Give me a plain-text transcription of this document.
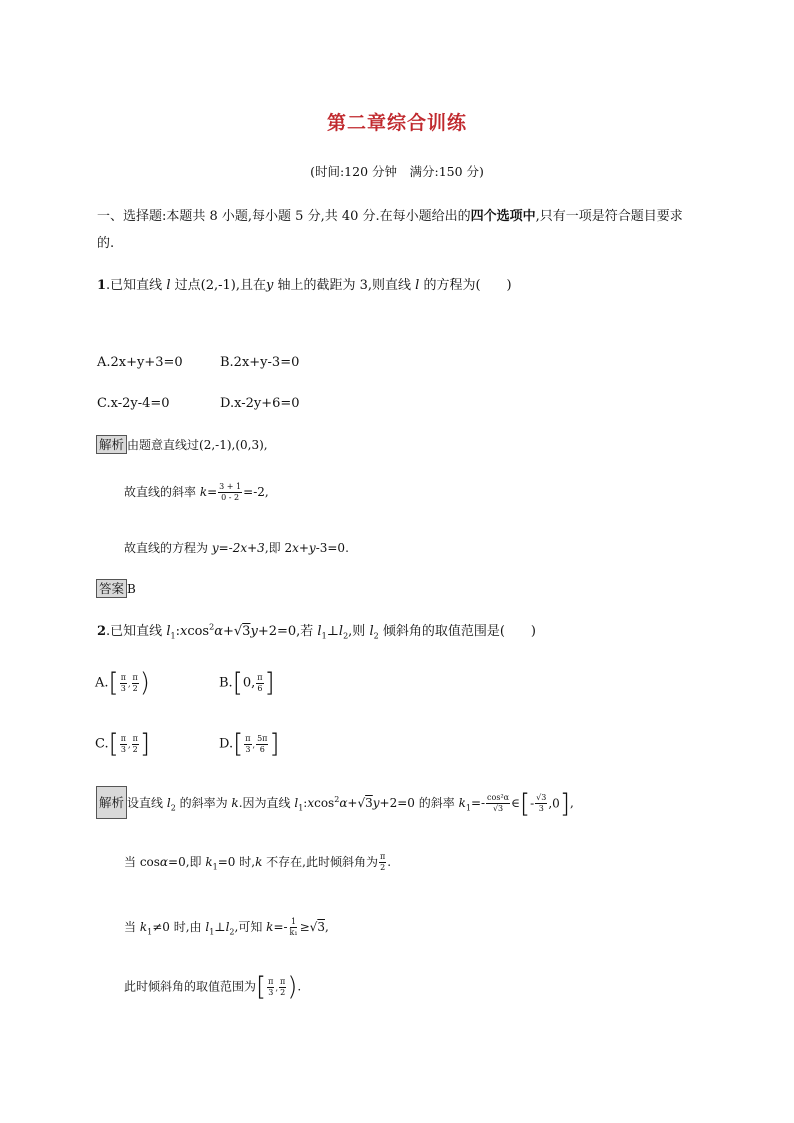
第二章综合训练
(时间:120 分钟　满分:150 分)
一、选择题:本题共 8 小题,每小题 5 分,共 40 分.在每小题给出的四个选项中,只有一项是符合题目要求的.
1.已知直线 l 过点(2,-1),且在y 轴上的截距为 3,则直线 l 的方程为(　　)
A.2x+y+3=0	B.2x+y-3=0
C.x-2y-4=0	D.x-2y+6=0
解析 由题意直线过(2,-1),(0,3),
故直线的斜率 $k= \frac{3 + 1}{0 - 2} =-2$,
故直线的方程为 y=-2x+3,即 2x+y-3=0.
答案 B
2.已知直线 $l_1:xcos^2\alpha+√3y+2=0$,若 $l_1\perp l_2$,则 $l_2$ 倾斜角的取值范围是(　　)
$A.[ \frac{\pi}{3}$ , $\frac{\pi}{2}$ )	B.[0, $\frac{\pi}{6}$ ]
$C.[ \frac{\pi}{3}$ , $\frac{\pi}{2}$ ]	$D.[ \frac{\pi}{3}$ , $\frac{5\pi}{6}$ ]
解析 设直线 $l_2$ 的斜率为 k.因为直线 $l_1:xcos^2\alpha+√3y+2=0$ 的斜率 $k_1=- \frac{\text{cos²α}}{√3}$ ∈[- $\frac{√3}{3} ,0$],
当 cosα=0,即 $k_1=0$ 时,k 不存在,此时倾斜角为 $\frac{\pi}{2}$ .
当 $k_1\ne 0$ 时,由 $l_1\perp l_2$,可知 $k=- \frac{1}{\text{k₁}} \ge√3$,
此时倾斜角的取值范围为[ $\frac{\pi}{3}$ , $\frac{\pi}{2}$ ).
